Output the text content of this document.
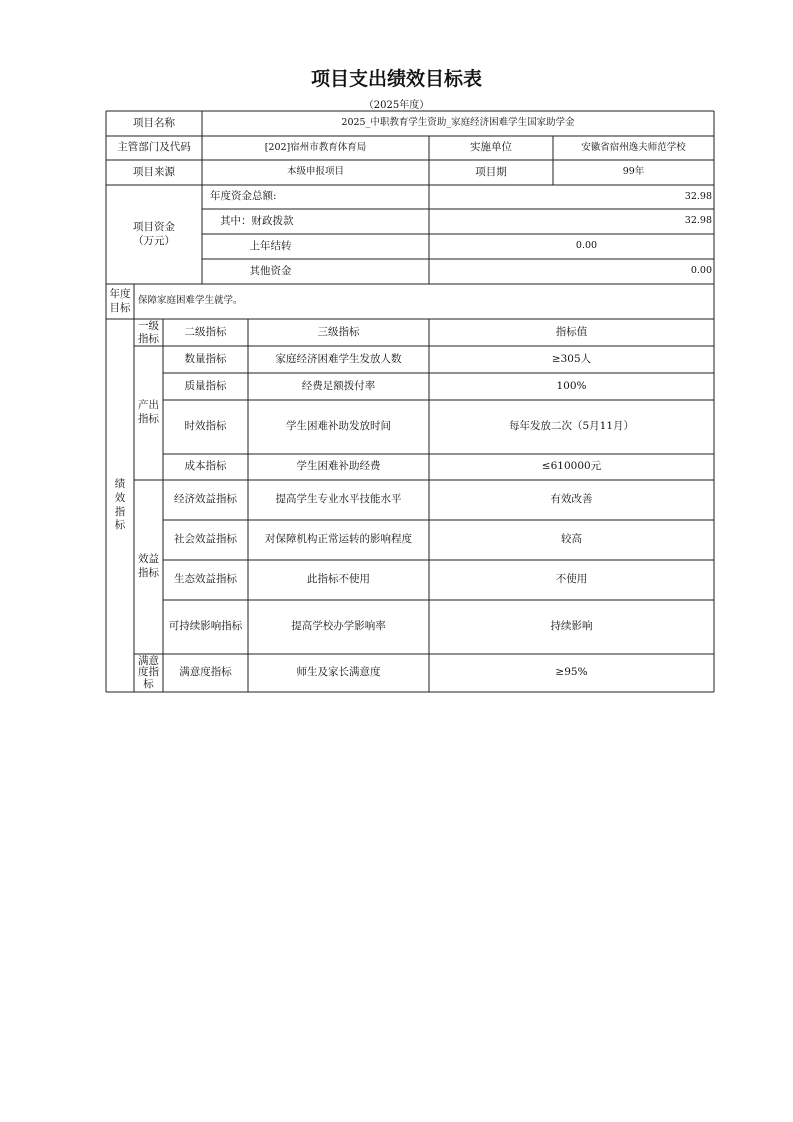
项目支出绩效目标表
（2025年度）
项目名称	2025_中职教育学生资助_家庭经济困难学生国家助学金
主管部门及代码	[202]宿州市教育体育局	实施单位	安徽省宿州逸夫师范学校
项目来源	本级申报项目	项目期	99年
项目资金
（万元）
年度资金总额:	32.98
其中：财政拨款	32.98
上年结转	0.00
其他资金	0.00
年度
目标
保障家庭困难学生就学。
绩
效
指
标
一级
指标
二级指标	三级指标	指标值
产出
指标
效益
指标
满意
度指
标
数量指标	家庭经济困难学生发放人数	≥305人
质量指标	经费足额拨付率	100%
时效指标	学生困难补助发放时间	每年发放二次（5月11月）
成本指标	学生困难补助经费	≤610000元
经济效益指标	提高学生专业水平技能水平	有效改善
社会效益指标	对保障机构正常运转的影响程度	较高
生态效益指标	此指标不使用	不使用
可持续影响指标	提高学校办学影响率	持续影响
满意度指标	师生及家长满意度	≥95%
